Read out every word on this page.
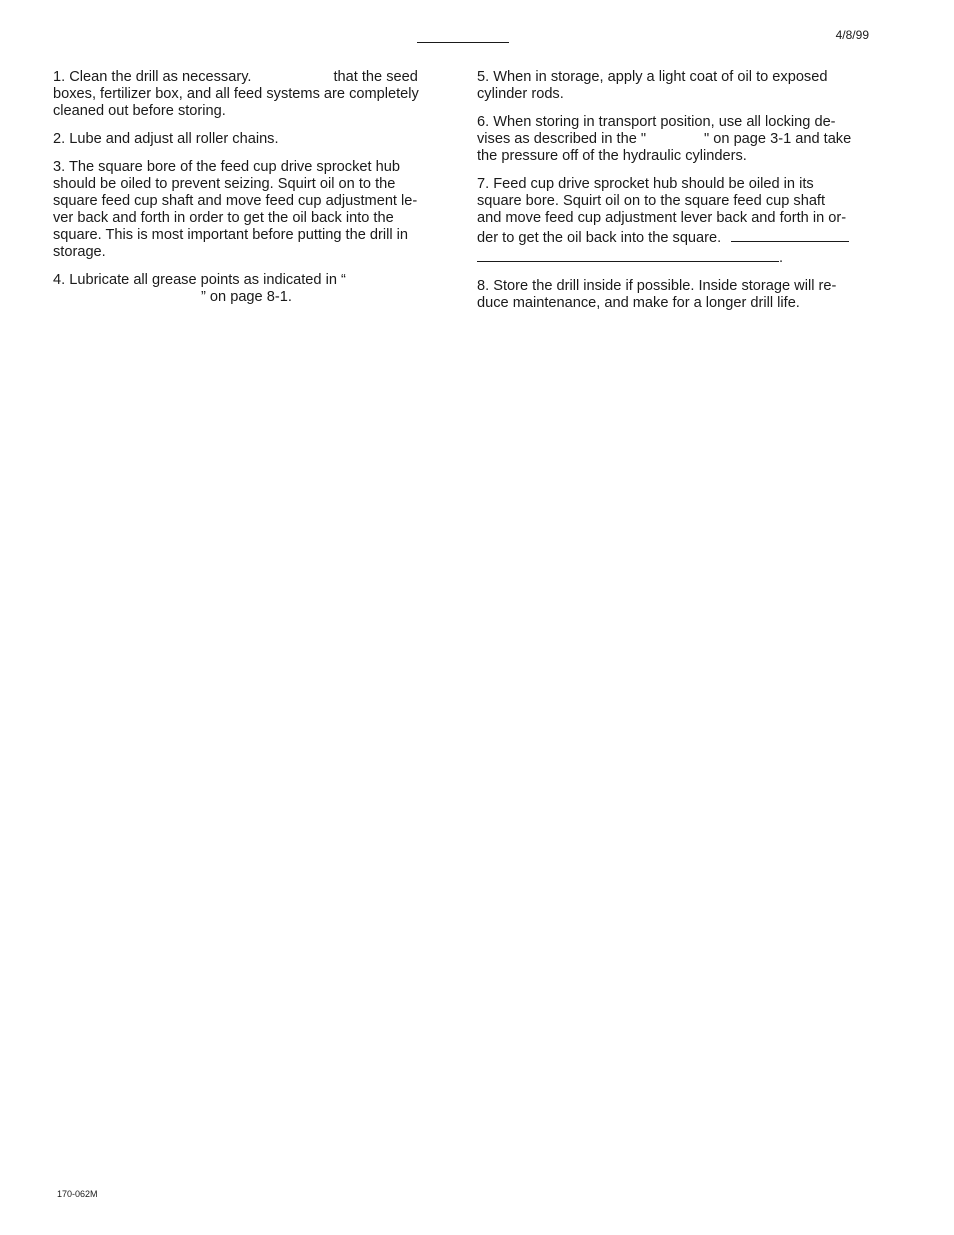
4/8/99
1. Clean the drill as necessary.	that the seed
boxes, fertilizer box, and all feed systems are completely
cleaned out before storing.
2. Lube and adjust all roller chains.
3. The square bore of the feed cup drive sprocket hub
should be oiled to prevent seizing. Squirt oil on to the
square feed cup shaft and move feed cup adjustment le-
ver back and forth in order to get the oil back into the
square. This is most important before putting the drill in
storage.
4. Lubricate all grease points as indicated in “
” on page 8-1.
5. When in storage, apply a light coat of oil to exposed
cylinder rods.
6. When storing in transport position, use all locking de-
vises as described in the "	" on page 3-1 and take
the pressure off of the hydraulic cylinders.
7. Feed cup drive sprocket hub should be oiled in its
square bore. Squirt oil on to the square feed cup shaft
and move feed cup adjustment lever back and forth in or-
der to get the oil back into the square.
.
8. Store the drill inside if possible. Inside storage will re-
duce maintenance, and make for a longer drill life.
170-062M
